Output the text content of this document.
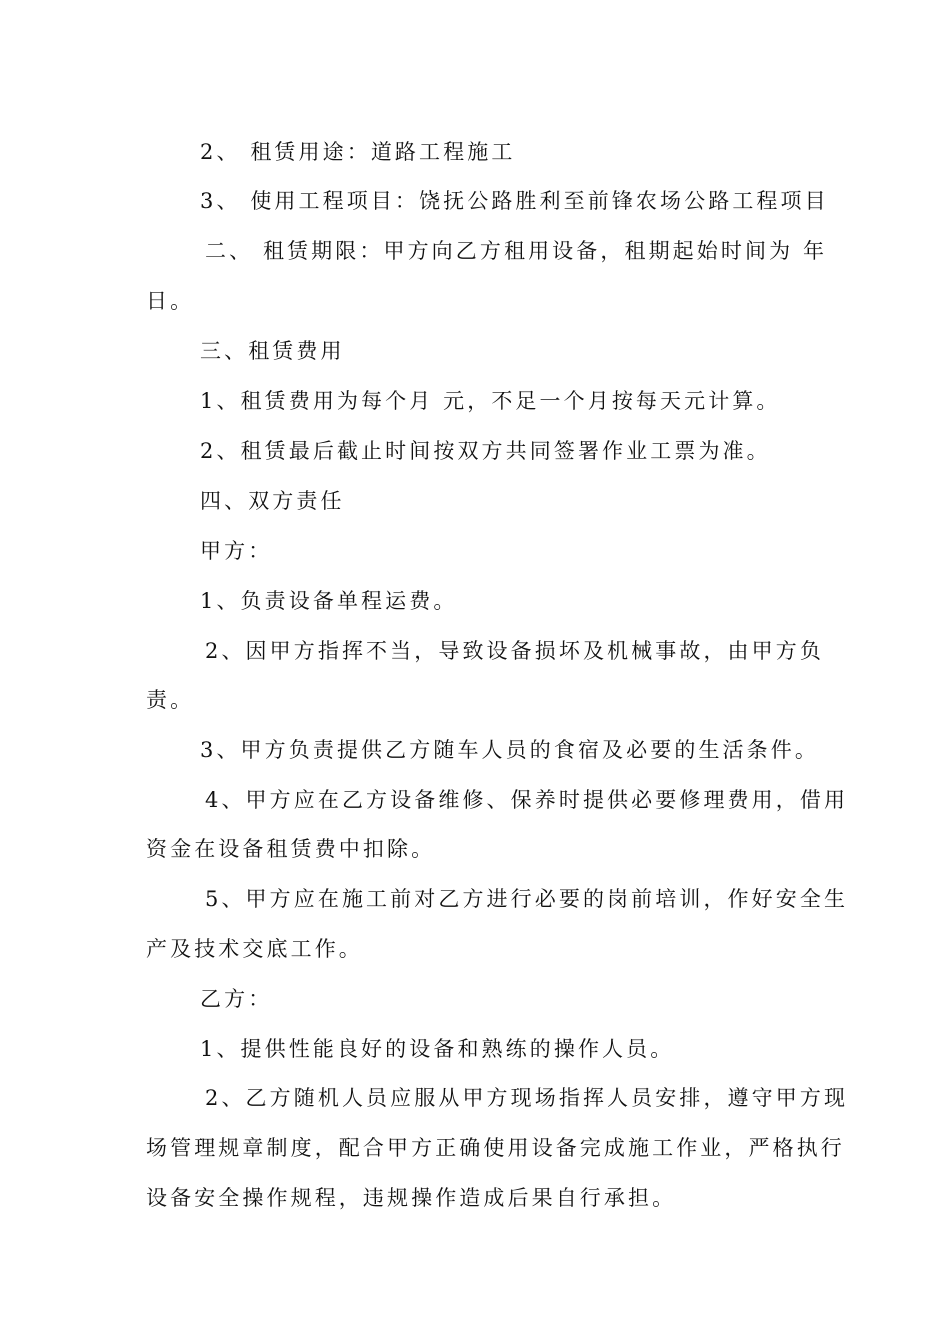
2、 租赁用途：道路工程施工
3、 使用工程项目：饶抚公路胜利至前锋农场公路工程项目
二、 租赁期限：甲方向乙方租用设备，租期起始时间为 年
日。
三、租赁费用
1、租赁费用为每个月 元，不足一个月按每天元计算。
2、租赁最后截止时间按双方共同签署作业工票为准。
四、双方责任
甲方：
1、负责设备单程运费。
2、因甲方指挥不当，导致设备损坏及机械事故，由甲方负
责。
3、甲方负责提供乙方随车人员的食宿及必要的生活条件。
4、甲方应在乙方设备维修、保养时提供必要修理费用，借用
资金在设备租赁费中扣除。
5、甲方应在施工前对乙方进行必要的岗前培训，作好安全生
产及技术交底工作。
乙方：
1、提供性能良好的设备和熟练的操作人员。
2、乙方随机人员应服从甲方现场指挥人员安排，遵守甲方现
场管理规章制度，配合甲方正确使用设备完成施工作业，严格执行
设备安全操作规程，违规操作造成后果自行承担。
